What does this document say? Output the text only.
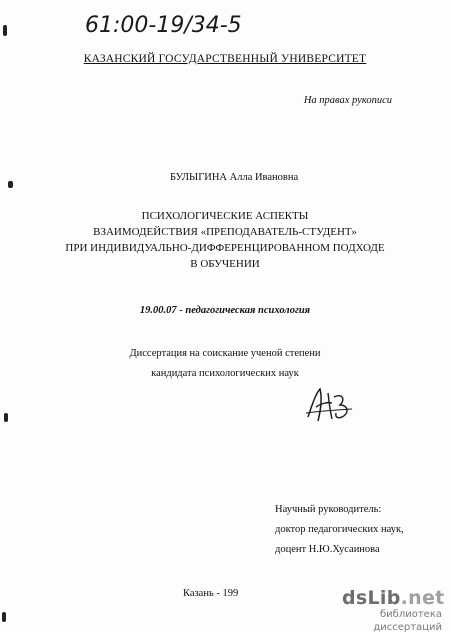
61:00-19/34-5
КАЗАНСКИЙ ГОСУДАРСТВЕННЫЙ УНИВЕРСИТЕТ
На правах рукописи
БУЛЫГИНА Алла Ивановна
ПСИХОЛОГИЧЕСКИЕ АСПЕКТЫ
ВЗАИМОДЕЙСТВИЯ «ПРЕПОДАВАТЕЛЬ-СТУДЕНТ»
ПРИ ИНДИВИДУАЛЬНО-ДИФФЕРЕНЦИРОВАННОМ ПОДХОДЕ
В ОБУЧЕНИИ
19.00.07 - педагогическая психология
Диссертация на соискание ученой степени
кандидата психологических наук
Научный руководитель:
доктор педагогических наук,
доцент Н.Ю.Хусаинова
Казань - 199	dsLib.net
библиотека диссертаций
